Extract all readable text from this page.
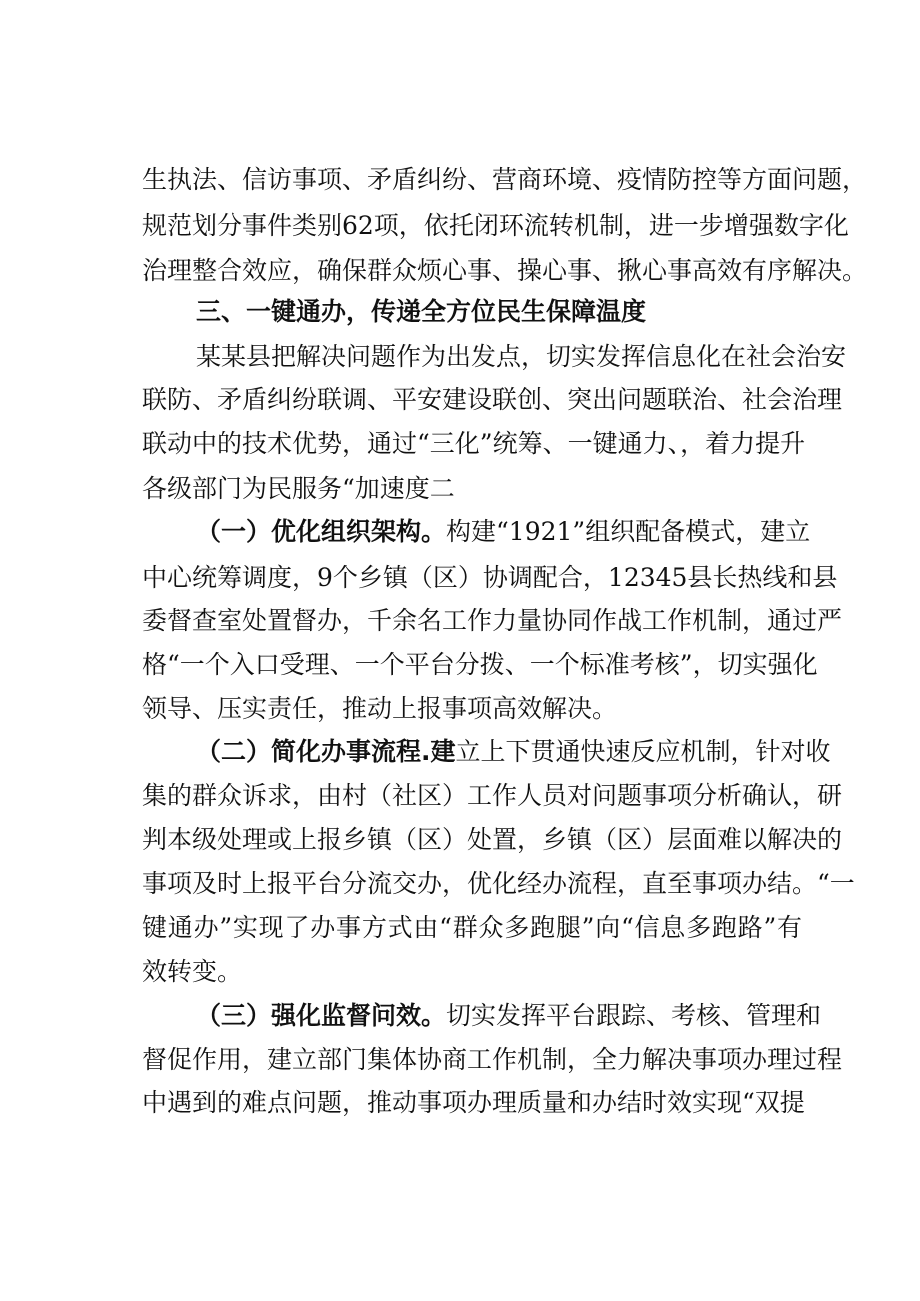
生执法、信访事项、矛盾纠纷、营商环境、疫情防控等方面问题，
规范划分事件类别62项，依托闭环流转机制，进一步增强数字化
治理整合效应，确保群众烦心事、操心事、揪心事高效有序解决。
三、一键通办，传递全方位民生保障温度
某某县把解决问题作为出发点，切实发挥信息化在社会治安
联防、矛盾纠纷联调、平安建设联创、突出问题联治、社会治理
联动中的技术优势，通过“三化”统筹、一键通力、，着力提升
各级部门为民服务“加速度二
（一）优化组织架构。构建“1921”组织配备模式，建立
中心统筹调度，9个乡镇（区）协调配合，12345县长热线和县
委督查室处置督办，千余名工作力量协同作战工作机制，通过严
格“一个入口受理、一个平台分拨、一个标准考核”，切实强化
领导、压实责任，推动上报事项高效解决。
（二）简化办事流程.建立上下贯通快速反应机制，针对收
集的群众诉求，由村（社区）工作人员对问题事项分析确认，研
判本级处理或上报乡镇（区）处置，乡镇（区）层面难以解决的
事项及时上报平台分流交办，优化经办流程，直至事项办结。“一
键通办”实现了办事方式由“群众多跑腿”向“信息多跑路”有
效转变。
（三）强化监督问效。切实发挥平台跟踪、考核、管理和
督促作用，建立部门集体协商工作机制，全力解决事项办理过程
中遇到的难点问题，推动事项办理质量和办结时效实现“双提
